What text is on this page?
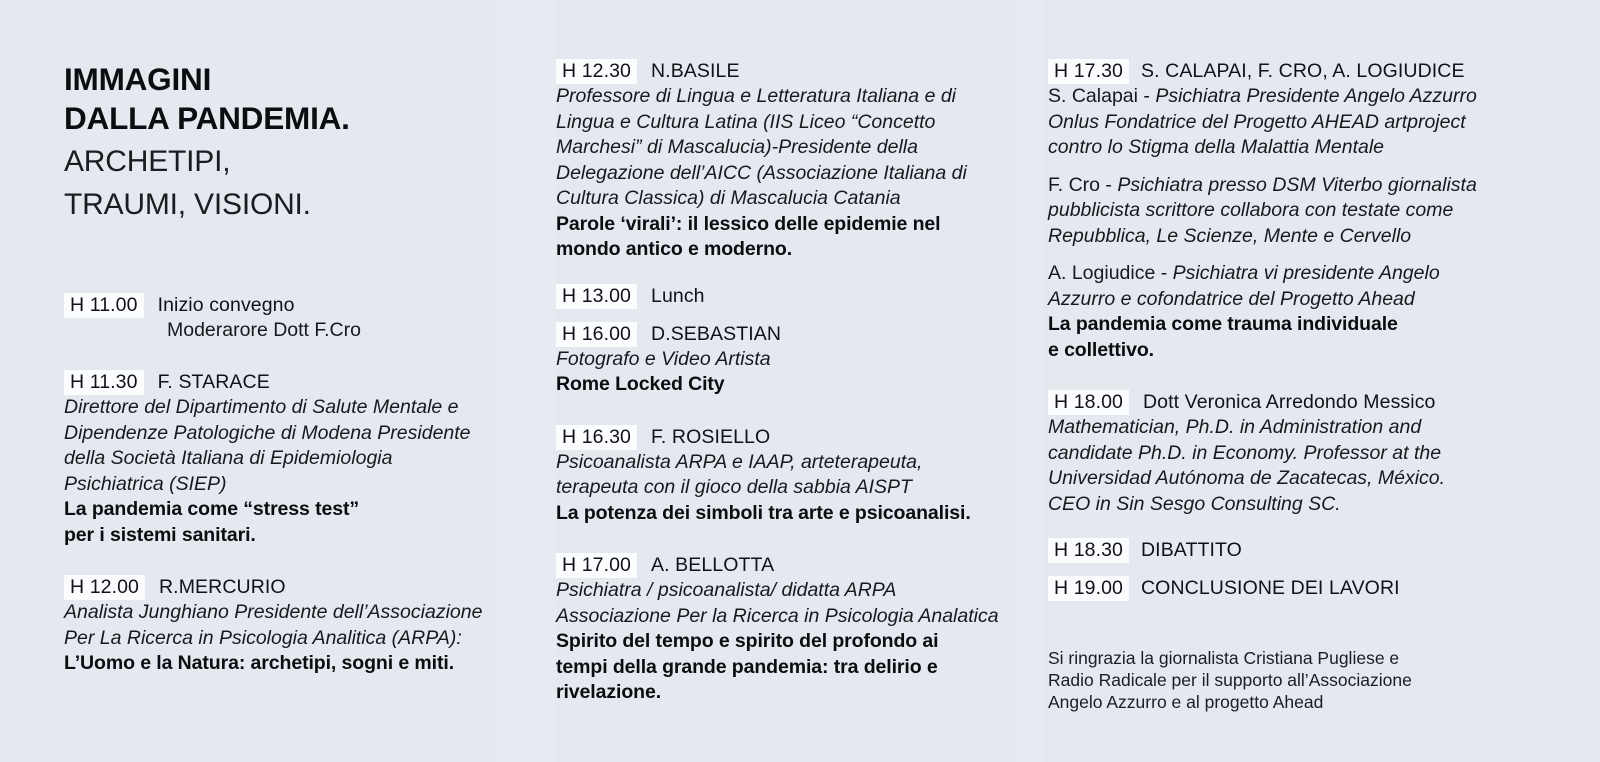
IMMAGINI
DALLA PANDEMIA.
ARCHETIPI,
TRAUMI, VISIONI.
H 11.00 Inizio convegno
Moderarore Dott F.Cro
H 11.30 F. STARACE
Direttore del Dipartimento di Salute Mentale e
Dipendenze Patologiche di Modena Presidente
della Società Italiana di Epidemiologia
Psichiatrica (SIEP)
La pandemia come “stress test”
per i sistemi sanitari.
H 12.00 R.MERCURIO
Analista Junghiano Presidente dell’Associazione
Per La Ricerca in Psicologia Analitica (ARPA):
L’Uomo e la Natura: archetipi, sogni e miti.
H 12.30 N.BASILE
Professore di Lingua e Letteratura Italiana e di
Lingua e Cultura Latina (IIS Liceo “Concetto
Marchesi” di Mascalucia)-Presidente della
Delegazione dell’AICC (Associazione Italiana di
Cultura Classica) di Mascalucia Catania
Parole ‘virali’: il lessico delle epidemie nel
mondo antico e moderno.
H 13.00 Lunch
H 16.00 D.SEBASTIAN
Fotografo e Video Artista
Rome Locked City
H 16.30 F. ROSIELLO
Psicoanalista ARPA e IAAP, arteterapeuta,
terapeuta con il gioco della sabbia AISPT
La potenza dei simboli tra arte e psicoanalisi.
H 17.00 A. BELLOTTA
Psichiatra / psicoanalista/ didatta ARPA
Associazione Per la Ricerca in Psicologia Analatica
Spirito del tempo e spirito del profondo ai
tempi della grande pandemia: tra delirio e
rivelazione.
H 17.30 S. CALAPAI, F. CRO, A. LOGIUDICE
S. Calapai - Psichiatra Presidente Angelo Azzurro
Onlus Fondatrice del Progetto AHEAD artproject
contro lo Stigma della Malattia Mentale
F. Cro - Psichiatra presso DSM Viterbo giornalista
pubblicista scrittore collabora con testate come
Repubblica, Le Scienze, Mente e Cervello
A. Logiudice - Psichiatra vi presidente Angelo
Azzurro e cofondatrice del Progetto Ahead
La pandemia come trauma individuale
e collettivo.
H 18.00 Dott Veronica Arredondo Messico
Mathematician, Ph.D. in Administration and
candidate Ph.D. in Economy. Professor at the
Universidad Autónoma de Zacatecas, México.
CEO in Sin Sesgo Consulting SC.
H 18.30 DIBATTITO
H 19.00 CONCLUSIONE DEI LAVORI
Si ringrazia la giornalista Cristiana Pugliese e
Radio Radicale per il supporto all’Associazione
Angelo Azzurro e al progetto Ahead
